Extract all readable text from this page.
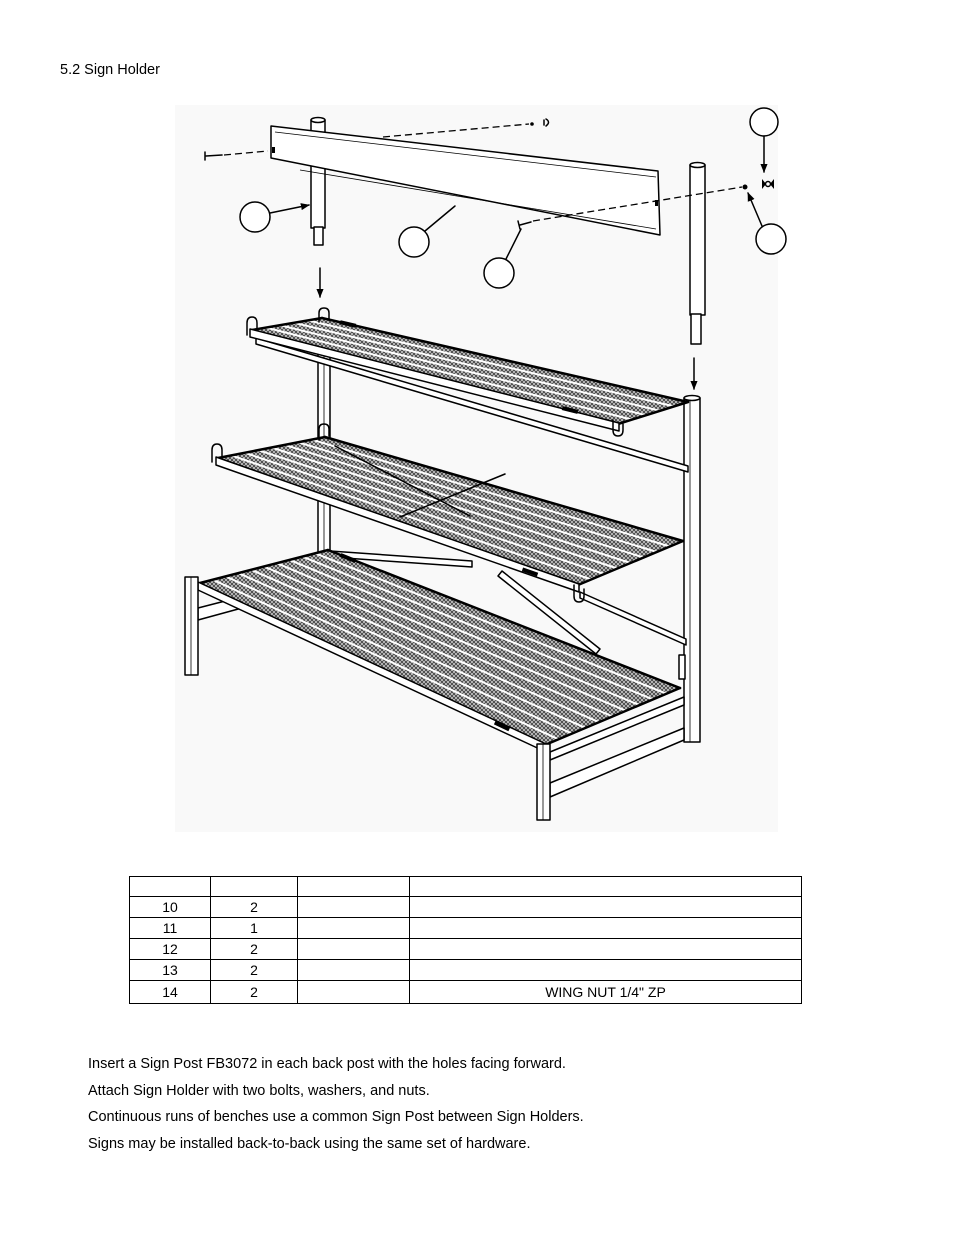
5.2 Sign Holder

10	2		
11	1		
12	2		
13	2		
14	2		WING NUT 1/4" ZP
Insert a Sign Post FB3072 in each back post with the holes facing forward.
Attach Sign Holder with two bolts, washers, and nuts.
Continuous runs of benches use a common Sign Post between Sign Holders.
Signs may be installed back-to-back using the same set of hardware.
